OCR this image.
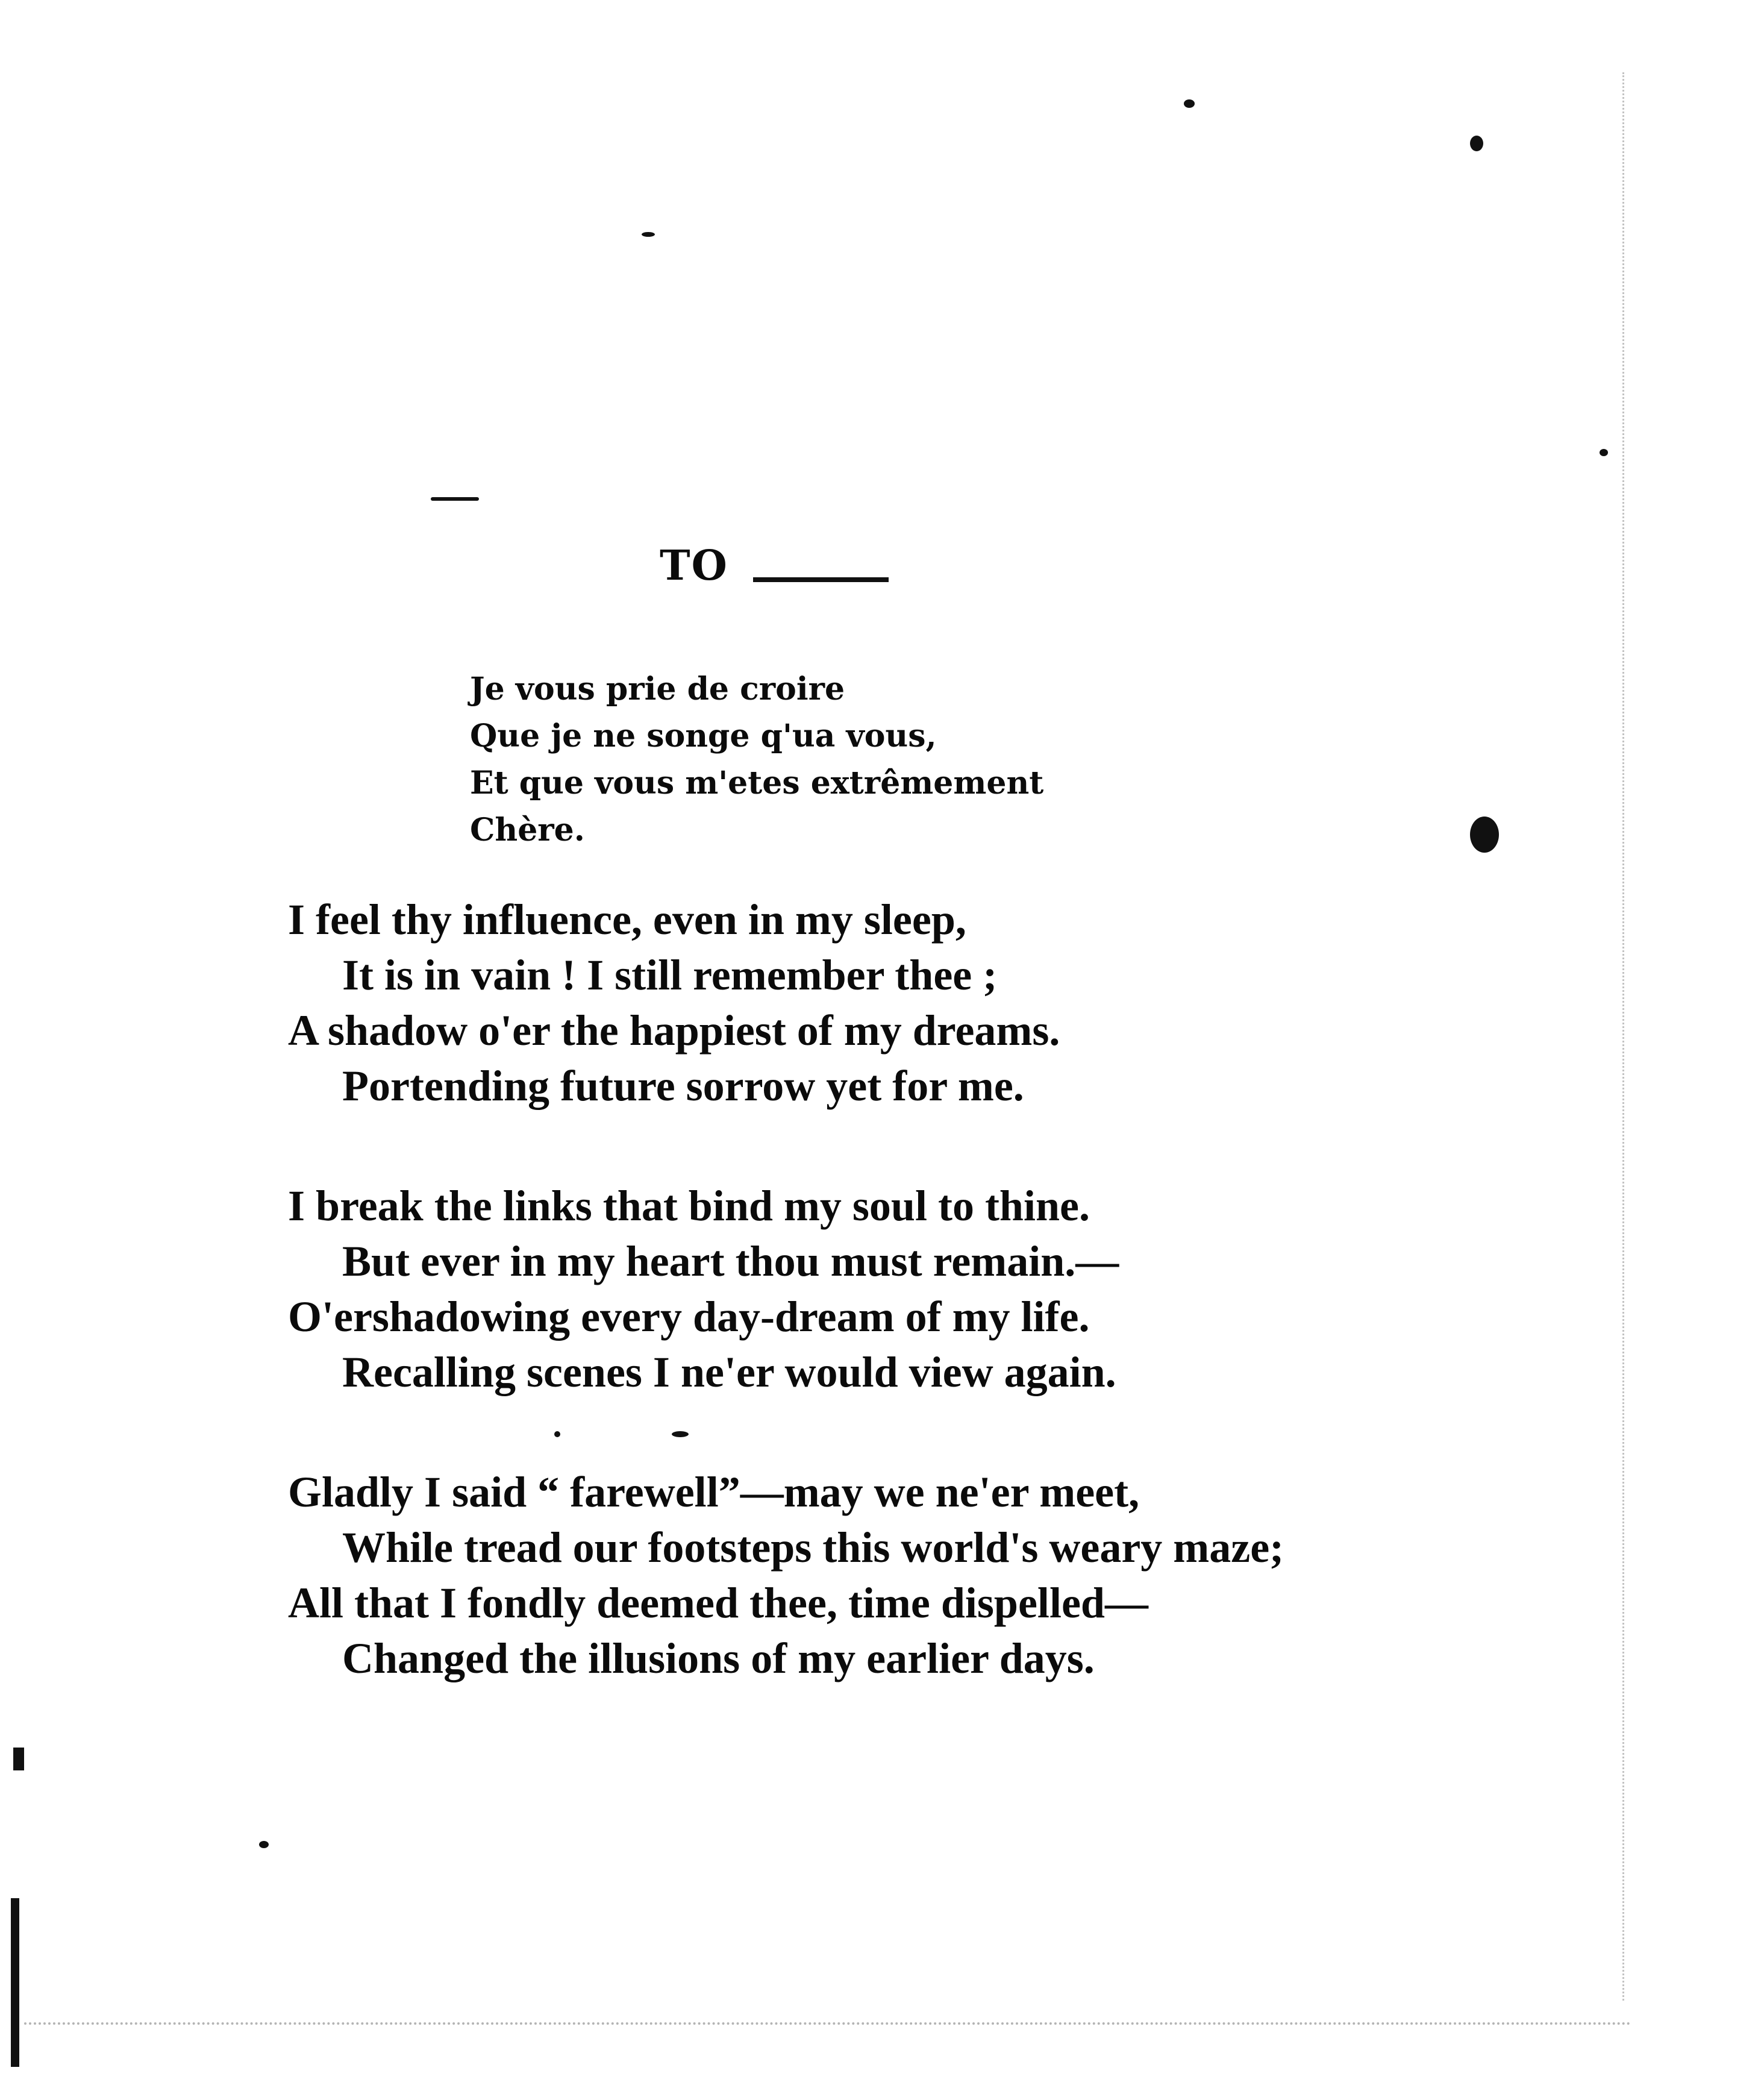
TO
Je vous prie de croire
Que je ne songe q'ua vous,
Et que vous m'etes extrêmement
Chère.
I feel thy influence, even in my sleep,
It is in vain ! I still remember thee ;
A shadow o'er the happiest of my dreams.
Portending future sorrow yet for me.
I break the links that bind my soul to thine.
But ever in my heart thou must remain.—
O'ershadowing every day-dream of my life.
Recalling scenes I ne'er would view again.
Gladly I said “ farewell”—may we ne'er meet,
While tread our footsteps this world's weary maze;
All that I fondly deemed thee, time dispelled—
Changed the illusions of my earlier days.
